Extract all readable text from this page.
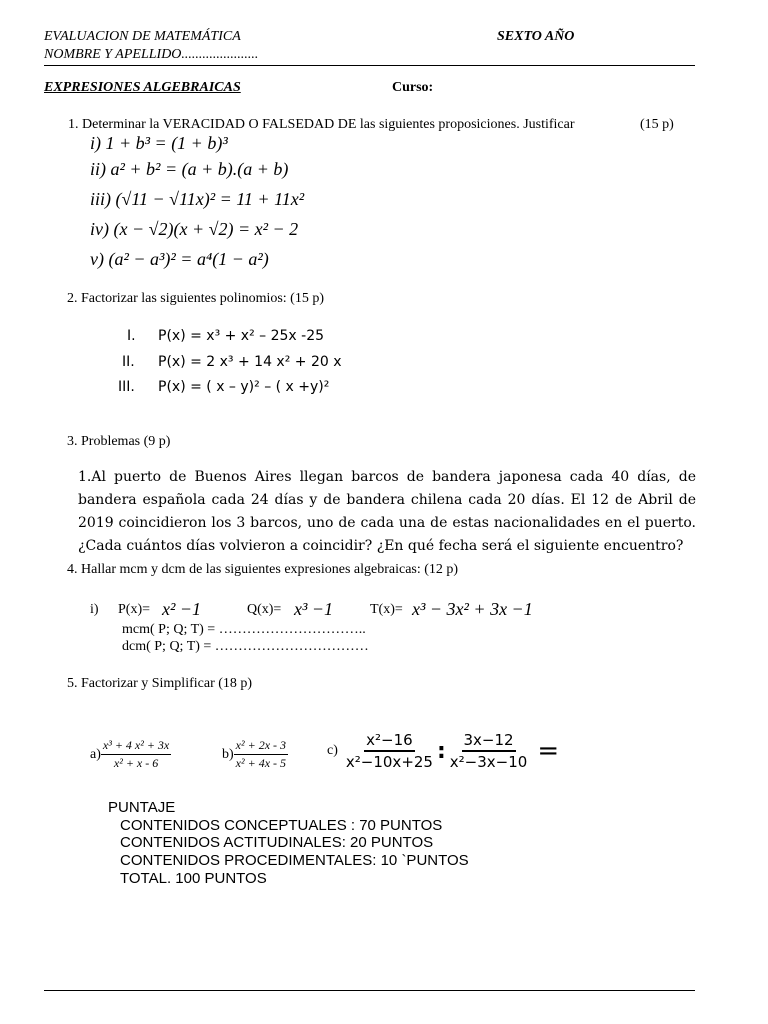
EVALUACION DE MATEMÁTICA	SEXTO AÑO
NOMBRE Y APELLIDO......................
EXPRESIONES ALGEBRAICAS	Curso:
1. Determinar la VERACIDAD O FALSEDAD DE las siguientes proposiciones. Justificar	(15 p)
i) 1 + b³ = (1 + b)³
ii) a² + b² = (a + b).(a + b)
iii) (√11 − √11x)² = 11 + 11x²
iv) (x − √2)(x + √2) = x² − 2
v) (a² − a³)² = a⁴(1 − a²)
2. Factorizar las siguientes polinomios: (15 p)
I. P(x) = x³ + x² – 25x -25
II. P(x) = 2 x³ + 14 x² + 20 x
III. P(x) = ( x – y)² – ( x +y)²
3. Problemas (9 p)

1.Al puerto de Buenos Aires llegan barcos de bandera japonesa cada 40 días, de bandera española cada 24 días y de bandera chilena cada 20 días. El 12 de Abril de 2019 coincidieron los 3 barcos, uno de cada una de estas nacionalidades en el puerto. ¿Cada cuántos días volvieron a coincidir? ¿En qué fecha será el siguiente encuentro?

4. Hallar mcm y dcm de las siguientes expresiones algebraicas: (12 p)
i) P(x)= x² −1	Q(x)= x³ −1	T(x)= x³ − 3x² + 3x −1
mcm( P; Q; T) = …………………………..
dcm( P; Q; T) = ……………………………
5. Factorizar y Simplificar (18 p)
$a) \frac{\text{x³ + 4 x² + 3x}}{\text{x² + x - 6}}$	$b) \frac{\text{x² + 2x - 3}}{\text{x² + 4x - 5}}$	$c) \frac{\text{x²−16}}{\text{x²−10x+25}}$ : $\frac{3x-12}{\text{x²−3x−10}}$ =
PUNTAJE
CONTENIDOS CONCEPTUALES : 70 PUNTOS
CONTENIDOS ACTITUDINALES: 20 PUNTOS
CONTENIDOS PROCEDIMENTALES: 10 `PUNTOS
TOTAL. 100 PUNTOS
